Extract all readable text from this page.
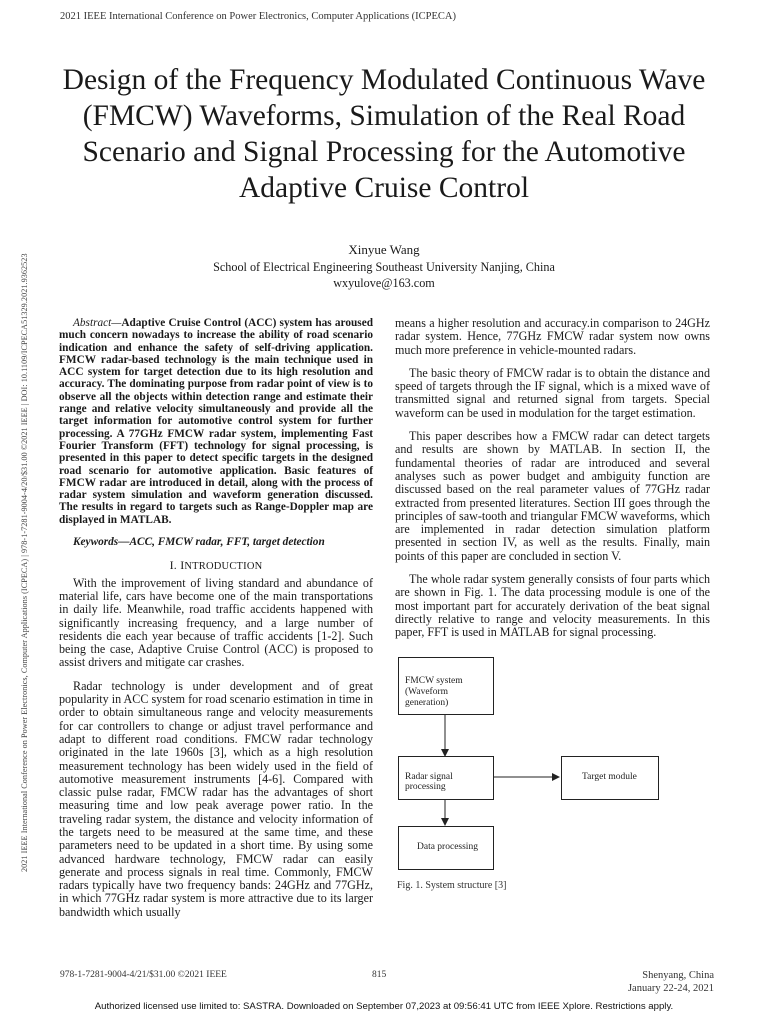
2021 IEEE International Conference on Power Electronics, Computer Applications (ICPECA)
2021 IEEE International Conference on Power Electronics, Computer Applications (ICPECA) | 978-1-7281-9004-4/20/$31.00 ©2021 IEEE | DOI: 10.1109/ICPECA51329.2021.9362523
Design of the Frequency Modulated Continuous Wave (FMCW) Waveforms, Simulation of the Real Road Scenario and Signal Processing for the Automotive Adaptive Cruise Control
Xinyue Wang
School of Electrical Engineering Southeast University Nanjing, China
wxyulove@163.com

Abstract—Adaptive Cruise Control (ACC) system has aroused much concern nowadays to increase the ability of road scenario indication and enhance the safety of self-driving application. FMCW radar-based technology is the main technique used in ACC system for target detection due to its high resolution and accuracy. The dominating purpose from radar point of view is to observe all the objects within detection range and estimate their range and relative velocity simultaneously and provide all the target information for automotive control system for further processing. A 77GHz FMCW radar system, implementing Fast Fourier Transform (FFT) technology for signal processing, is presented in this paper to detect specific targets in the designed road scenario for automotive application. Basic features of FMCW radar are introduced in detail, along with the process of radar system simulation and waveform generation discussed. The results in regard to targets such as Range-Doppler map are displayed in MATLAB.

Keywords—ACC, FMCW radar, FFT, target detection

I. INTRODUCTION

With the improvement of living standard and abundance of material life, cars have become one of the main transportations in daily life. Meanwhile, road traffic accidents happened with significantly increasing frequency, and a large number of residents die each year because of traffic accidents [1-2]. Such being the case, Adaptive Cruise Control (ACC) is proposed to assist drivers and mitigate car crashes.

Radar technology is under development and of great popularity in ACC system for road scenario estimation in time in order to obtain simultaneous range and velocity measurements for car controllers to change or adjust travel performance and adapt to different road conditions. FMCW radar technology originated in the late 1960s [3], which as a high resolution measurement technology has been widely used in the field of automotive measurement instruments [4-6]. Compared with classic pulse radar, FMCW radar has the advantages of short measuring time and low peak average power ratio. In the traveling radar system, the distance and velocity information of the targets need to be measured at the same time, and these parameters need to be updated in a short time. By using some advanced hardware technology, FMCW radar can easily generate and process signals in real time. Commonly, FMCW radars typically have two frequency bands: 24GHz and 77GHz, in which 77GHz radar system is more attractive due to its larger bandwidth which usually

means a higher resolution and accuracy.in comparison to 24GHz radar system. Hence, 77GHz FMCW radar system now owns much more preference in vehicle-mounted radars.

The basic theory of FMCW radar is to obtain the distance and speed of targets through the IF signal, which is a mixed wave of transmitted signal and returned signal from targets. Special waveform can be used in modulation for the target estimation.

This paper describes how a FMCW radar can detect targets and results are shown by MATLAB. In section II, the fundamental theories of radar are introduced and several analyses such as power budget and ambiguity function are discussed based on the real parameter values of 77GHz radar extracted from presented literatures. Section III goes through the principles of saw-tooth and triangular FMCW waveforms, which are implemented in radar detection simulation platform presented in section IV, as well as the results. Finally, main points of this paper are concluded in section V.

The whole radar system generally consists of four parts which are shown in Fig. 1. The data processing module is one of the most important part for accurately derivation of the beat signal directly relative to range and velocity measurements. In this paper, FFT is used in MATLAB for signal processing.

FMCW system
(Waveform generation)
Radar signal processing
Target module
Data processing
Fig. 1. System structure [3]
978-1-7281-9004-4/21/$31.00 ©2021 IEEE	815	Shenyang, China
January 22-24, 2021
Authorized licensed use limited to: SASTRA. Downloaded on September 07,2023 at 09:56:41 UTC from IEEE Xplore. Restrictions apply.
